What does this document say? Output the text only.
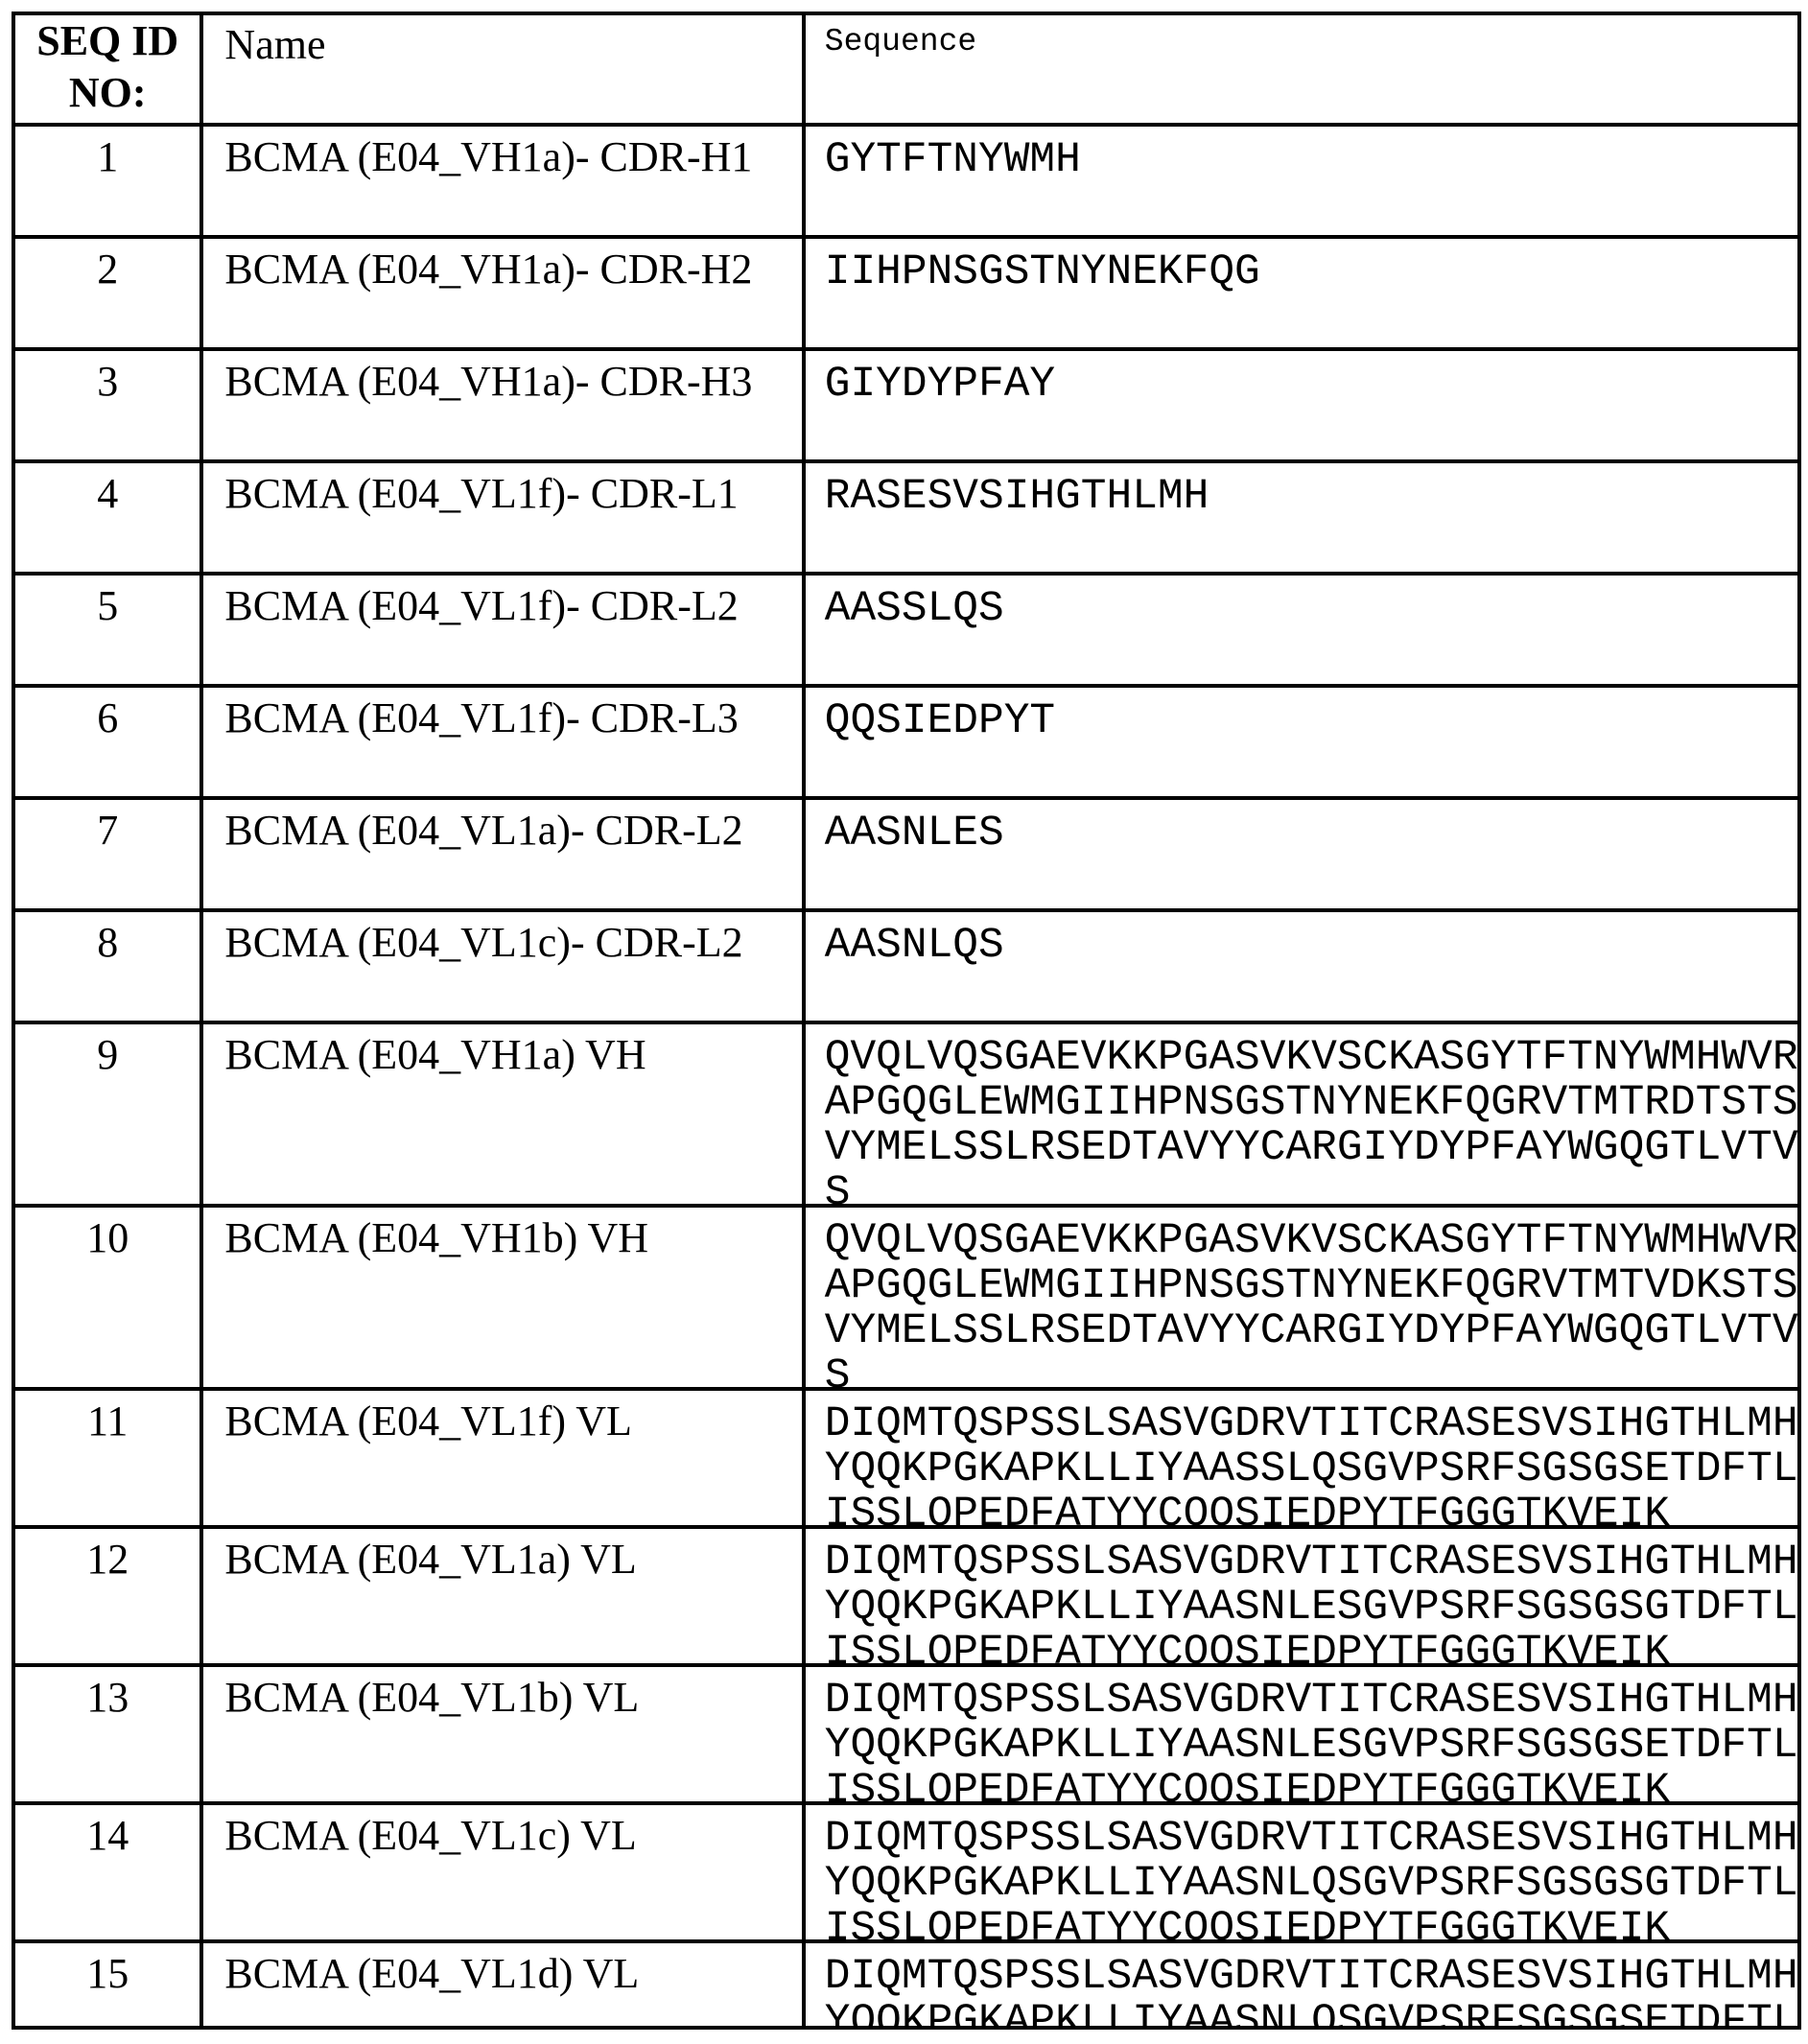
SEQ ID NO:

Name	Sequence

1	BCMA (E04_VH1a)- CDR-H1	GYTFTNYWMH

2	BCMA (E04_VH1a)- CDR-H2	IIHPNSGSTNYNEKFQG

3	BCMA (E04_VH1a)- CDR-H3	GIYDYPFAY

4	BCMA (E04_VL1f)- CDR-L1	RASESVSIHGTHLMH

5	BCMA (E04_VL1f)- CDR-L2	AASSLQS

6	BCMA (E04_VL1f)- CDR-L3	QQSIEDPYT

7	BCMA (E04_VL1a)- CDR-L2	AASNLES

8	BCMA (E04_VL1c)- CDR-L2	AASNLQS

9	BCMA (E04_VH1a) VH	QVQLVQSGAEVKKPGASVKVSCKASGYTFTNYWMHWVRQ
APGQGLEWMGIIHPNSGSTNYNEKFQGRVTMTRDTSTST
VYMELSSLRSEDTAVYYCARGIYDYPFAYWGQGTLVTVS
S

10	BCMA (E04_VH1b) VH	QVQLVQSGAEVKKPGASVKVSCKASGYTFTNYWMHWVRQ
APGQGLEWMGIIHPNSGSTNYNEKFQGRVTMTVDKSTST
VYMELSSLRSEDTAVYYCARGIYDYPFAYWGQGTLVTVS
S

11	BCMA (E04_VL1f) VL	DIQMTQSPSSLSASVGDRVTITCRASESVSIHGTHLMHW
YQQKPGKAPKLLIYAASSLQSGVPSRFSGSGSETDFTLT
ISSLQPEDFATYYCQQSIEDPYTFGGGTKVEIK

12	BCMA (E04_VL1a) VL	DIQMTQSPSSLSASVGDRVTITCRASESVSIHGTHLMHW
YQQKPGKAPKLLIYAASNLESGVPSRFSGSGSGTDFTLT
ISSLQPEDFATYYCQQSIEDPYTFGGGTKVEIK

13	BCMA (E04_VL1b) VL	DIQMTQSPSSLSASVGDRVTITCRASESVSIHGTHLMHW
YQQKPGKAPKLLIYAASNLESGVPSRFSGSGSETDFTLT
ISSLQPEDFATYYCQQSIEDPYTFGGGTKVEIK

14	BCMA (E04_VL1c) VL	DIQMTQSPSSLSASVGDRVTITCRASESVSIHGTHLMHW
YQQKPGKAPKLLIYAASNLQSGVPSRFSGSGSGTDFTLT
ISSLQPEDFATYYCQQSIEDPYTFGGGTKVEIK

15	BCMA (E04_VL1d) VL	DIQMTQSPSSLSASVGDRVTITCRASESVSIHGTHLMHW
YQQKPGKAPKLLIYAASNLQSGVPSRFSGSGSETDFTLT
